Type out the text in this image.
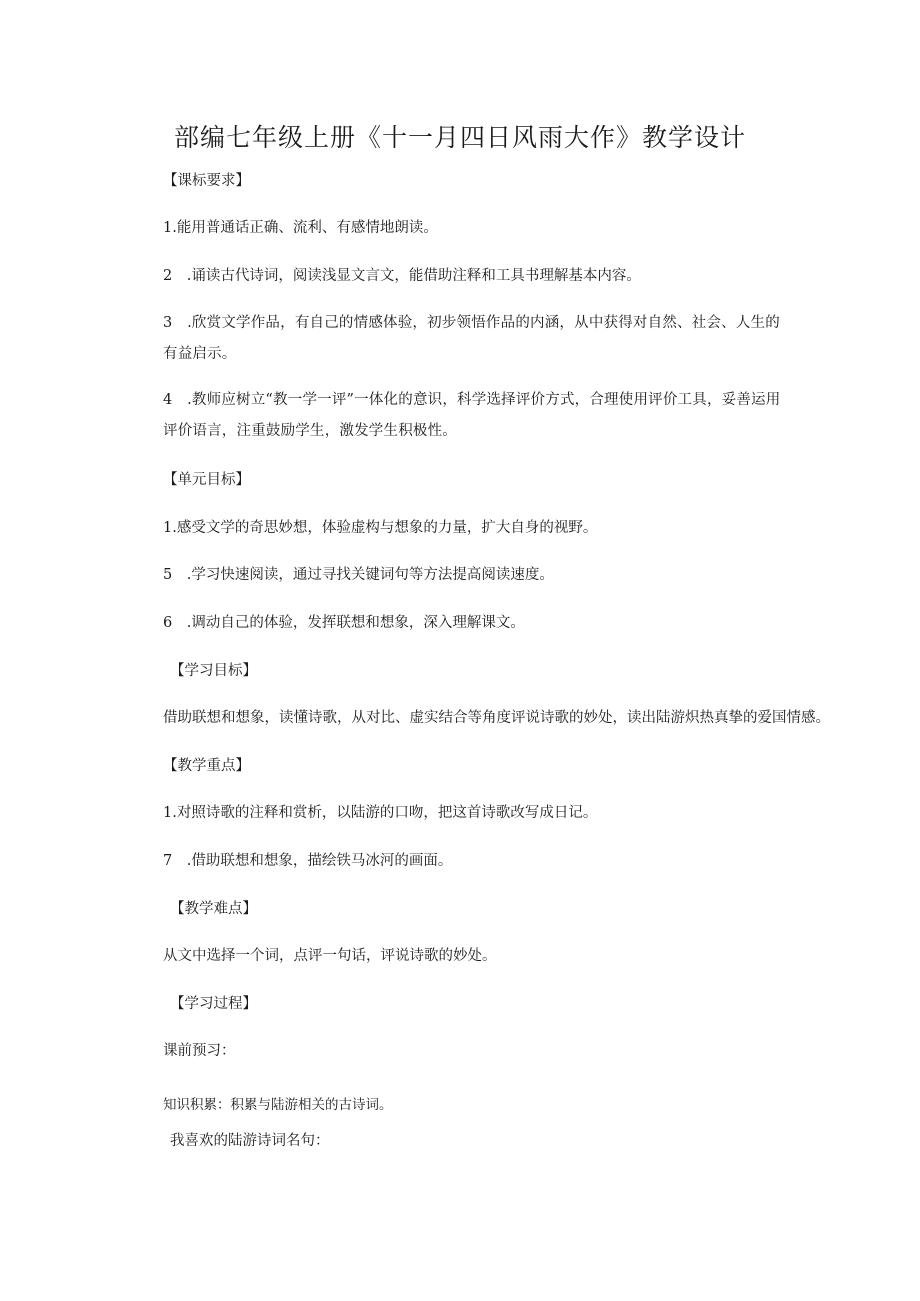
部编七年级上册《十一月四日风雨大作》教学设计
【课标要求】
1.能用普通话正确、流利、有感情地朗读。
2　.诵读古代诗词，阅读浅显文言文，能借助注释和工具书理解基本内容。
3　.欣赏文学作品，有自己的情感体验，初步领悟作品的内涵，从中获得对自然、社会、人生的有益启示。
4　.教师应树立“教一学一评”一体化的意识，科学选择评价方式，合理使用评价工具，妥善运用评价语言，注重鼓励学生，激发学生积极性。
【单元目标】
1.感受文学的奇思妙想，体验虚构与想象的力量，扩大自身的视野。
5　.学习快速阅读，通过寻找关键词句等方法提高阅读速度。
6　.调动自己的体验，发挥联想和想象，深入理解课文。
【学习目标】
借助联想和想象，读懂诗歌，从对比、虚实结合等角度评说诗歌的妙处，读出陆游炽热真挚的爱国情感。
【教学重点】
1.对照诗歌的注释和赏析，以陆游的口吻，把这首诗歌改写成日记。
7　.借助联想和想象，描绘铁马冰河的画面。
【教学难点】
从文中选择一个词，点评一句话，评说诗歌的妙处。
【学习过程】
课前预习：
知识积累：积累与陆游相关的古诗词。
我喜欢的陆游诗词名句：
